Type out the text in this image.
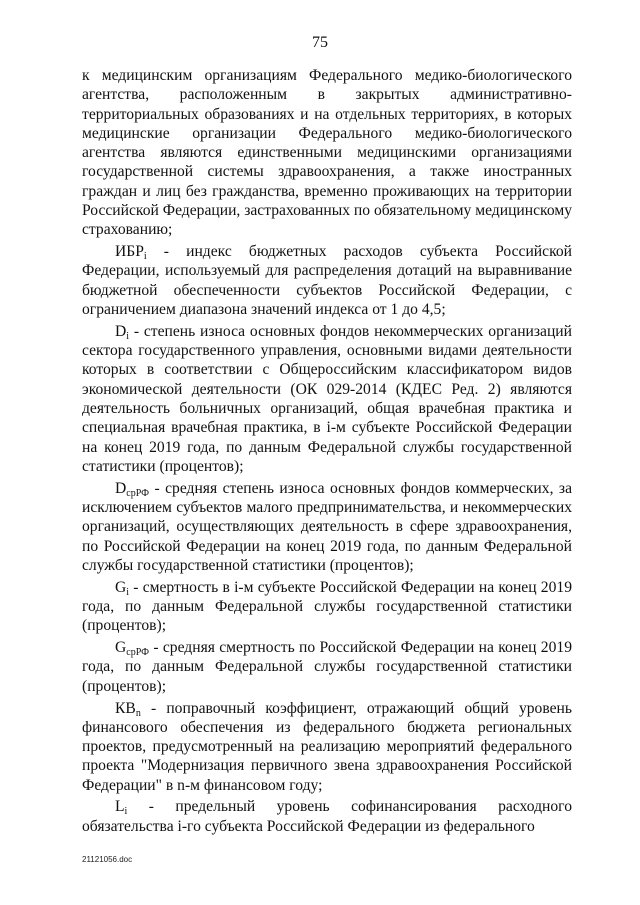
75

к медицинским организациям Федерального медико-биологического агентства, расположенным в закрытых административно-территориальных образованиях и на отдельных территориях, в которых медицинские организации Федерального медико-биологического агентства являются единственными медицинскими организациями государственной системы здравоохранения, а также иностранных граждан и лиц без гражданства, временно проживающих на территории Российской Федерации, застрахованных по обязательному медицинскому страхованию;

$ИБР_i$ - индекс бюджетных расходов субъекта Российской Федерации, используемый для распределения дотаций на выравнивание бюджетной обеспеченности субъектов Российской Федерации, с ограничением диапазона значений индекса от 1 до 4,5;

$D_i$ - степень износа основных фондов некоммерческих организаций сектора государственного управления, основными видами деятельности которых в соответствии с Общероссийским классификатором видов экономической деятельности (ОК 029-2014 (КДЕС Ред. 2) являются деятельность больничных организаций, общая врачебная практика и специальная врачебная практика, в i-м субъекте Российской Федерации на конец 2019 года, по данным Федеральной службы государственной статистики (процентов);

$D_{срРФ}$ - средняя степень износа основных фондов коммерческих, за исключением субъектов малого предпринимательства, и некоммерческих организаций, осуществляющих деятельность в сфере здравоохранения, по Российской Федерации на конец 2019 года, по данным Федеральной службы государственной статистики (процентов);

$G_i$ - смертность в i-м субъекте Российской Федерации на конец 2019 года, по данным Федеральной службы государственной статистики (процентов);

$G_{срРФ}$ - средняя смертность по Российской Федерации на конец 2019 года, по данным Федеральной службы государственной статистики (процентов);

$КВ_n$ - поправочный коэффициент, отражающий общий уровень финансового обеспечения из федерального бюджета региональных проектов, предусмотренный на реализацию мероприятий федерального проекта "Модернизация первичного звена здравоохранения Российской Федерации" в n-м финансовом году;

$L_i$ - предельный уровень софинансирования расходного обязательства i-го субъекта Российской Федерации из федерального

21121056.doc
